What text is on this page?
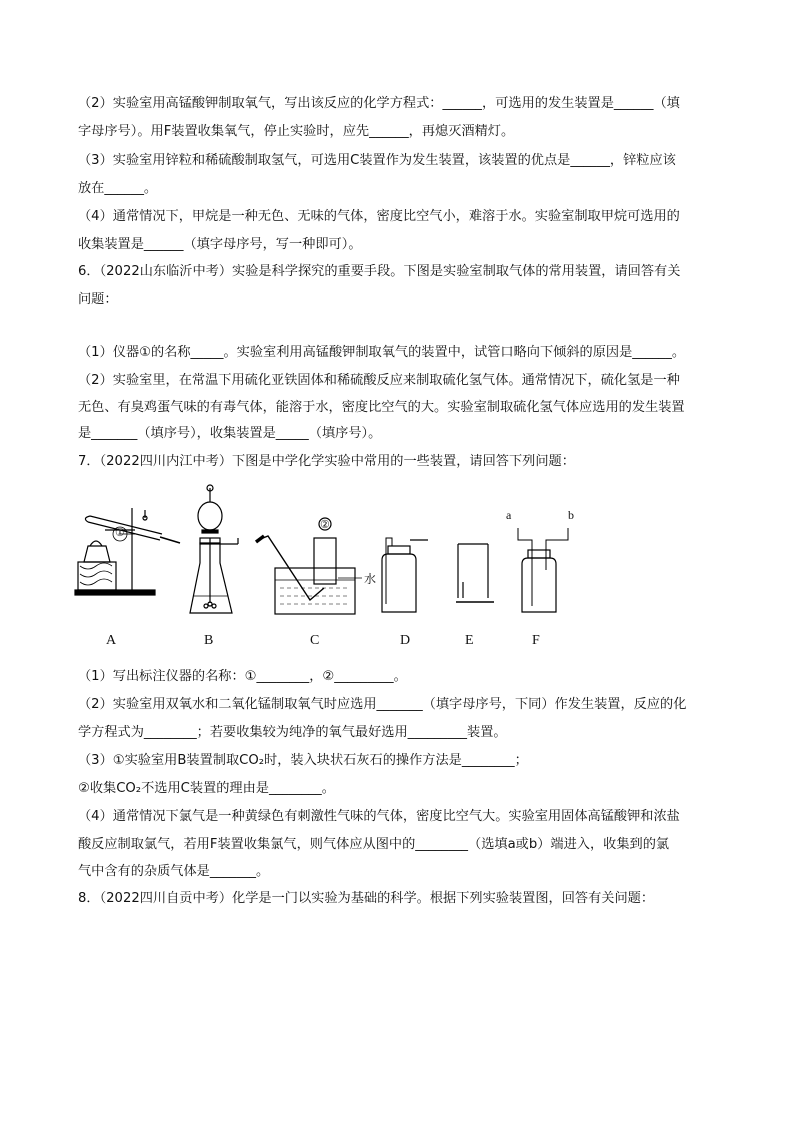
（2）实验室用高锰酸钾制取氧气，写出该反应的化学方程式：______，可选用的发生装置是______（填
字母序号）。用F装置收集氧气，停止实验时，应先______，再熄灭酒精灯。
（3）实验室用锌粒和稀硫酸制取氢气，可选用C装置作为发生装置，该装置的优点是______，锌粒应该
放在______。
（4）通常情况下，甲烷是一种无色、无味的气体，密度比空气小，难溶于水。实验室制取甲烷可选用的
收集装置是______（填字母序号，写一种即可）。
6．（2022山东临沂中考）实验是科学探究的重要手段。下图是实验室制取气体的常用装置，请回答有关
问题：
（1）仪器①的名称_____。实验室利用高锰酸钾制取氧气的装置中，试管口略向下倾斜的原因是______。
（2）实验室里，在常温下用硫化亚铁固体和稀硫酸反应来制取硫化氢气体。通常情况下，硫化氢是一种
无色、有臭鸡蛋气味的有毒气体，能溶于水，密度比空气的大。实验室制取硫化氢气体应选用的发生装置
是_______（填序号），收集装置是_____（填序号）。
7．（2022四川内江中考）下图是中学化学实验中常用的一些装置，请回答下列问题：
A	B	C	D	E	F
①
②
水
a	b
（1）写出标注仪器的名称：①________，②_________。
（2）实验室用双氧水和二氧化锰制取氧气时应选用_______（填字母序号，下同）作发生装置，反应的化
学方程式为________；若要收集较为纯净的氧气最好选用_________装置。
（3）①实验室用B装置制取CO₂时，装入块状石灰石的操作方法是________；
②收集CO₂不选用C装置的理由是________。
（4）通常情况下氯气是一种黄绿色有刺激性气味的气体，密度比空气大。实验室用固体高锰酸钾和浓盐
酸反应制取氯气，若用F装置收集氯气，则气体应从图中的________（选填a或b）端进入，收集到的氯
气中含有的杂质气体是_______。
8．（2022四川自贡中考）化学是一门以实验为基础的科学。根据下列实验装置图，回答有关问题：
